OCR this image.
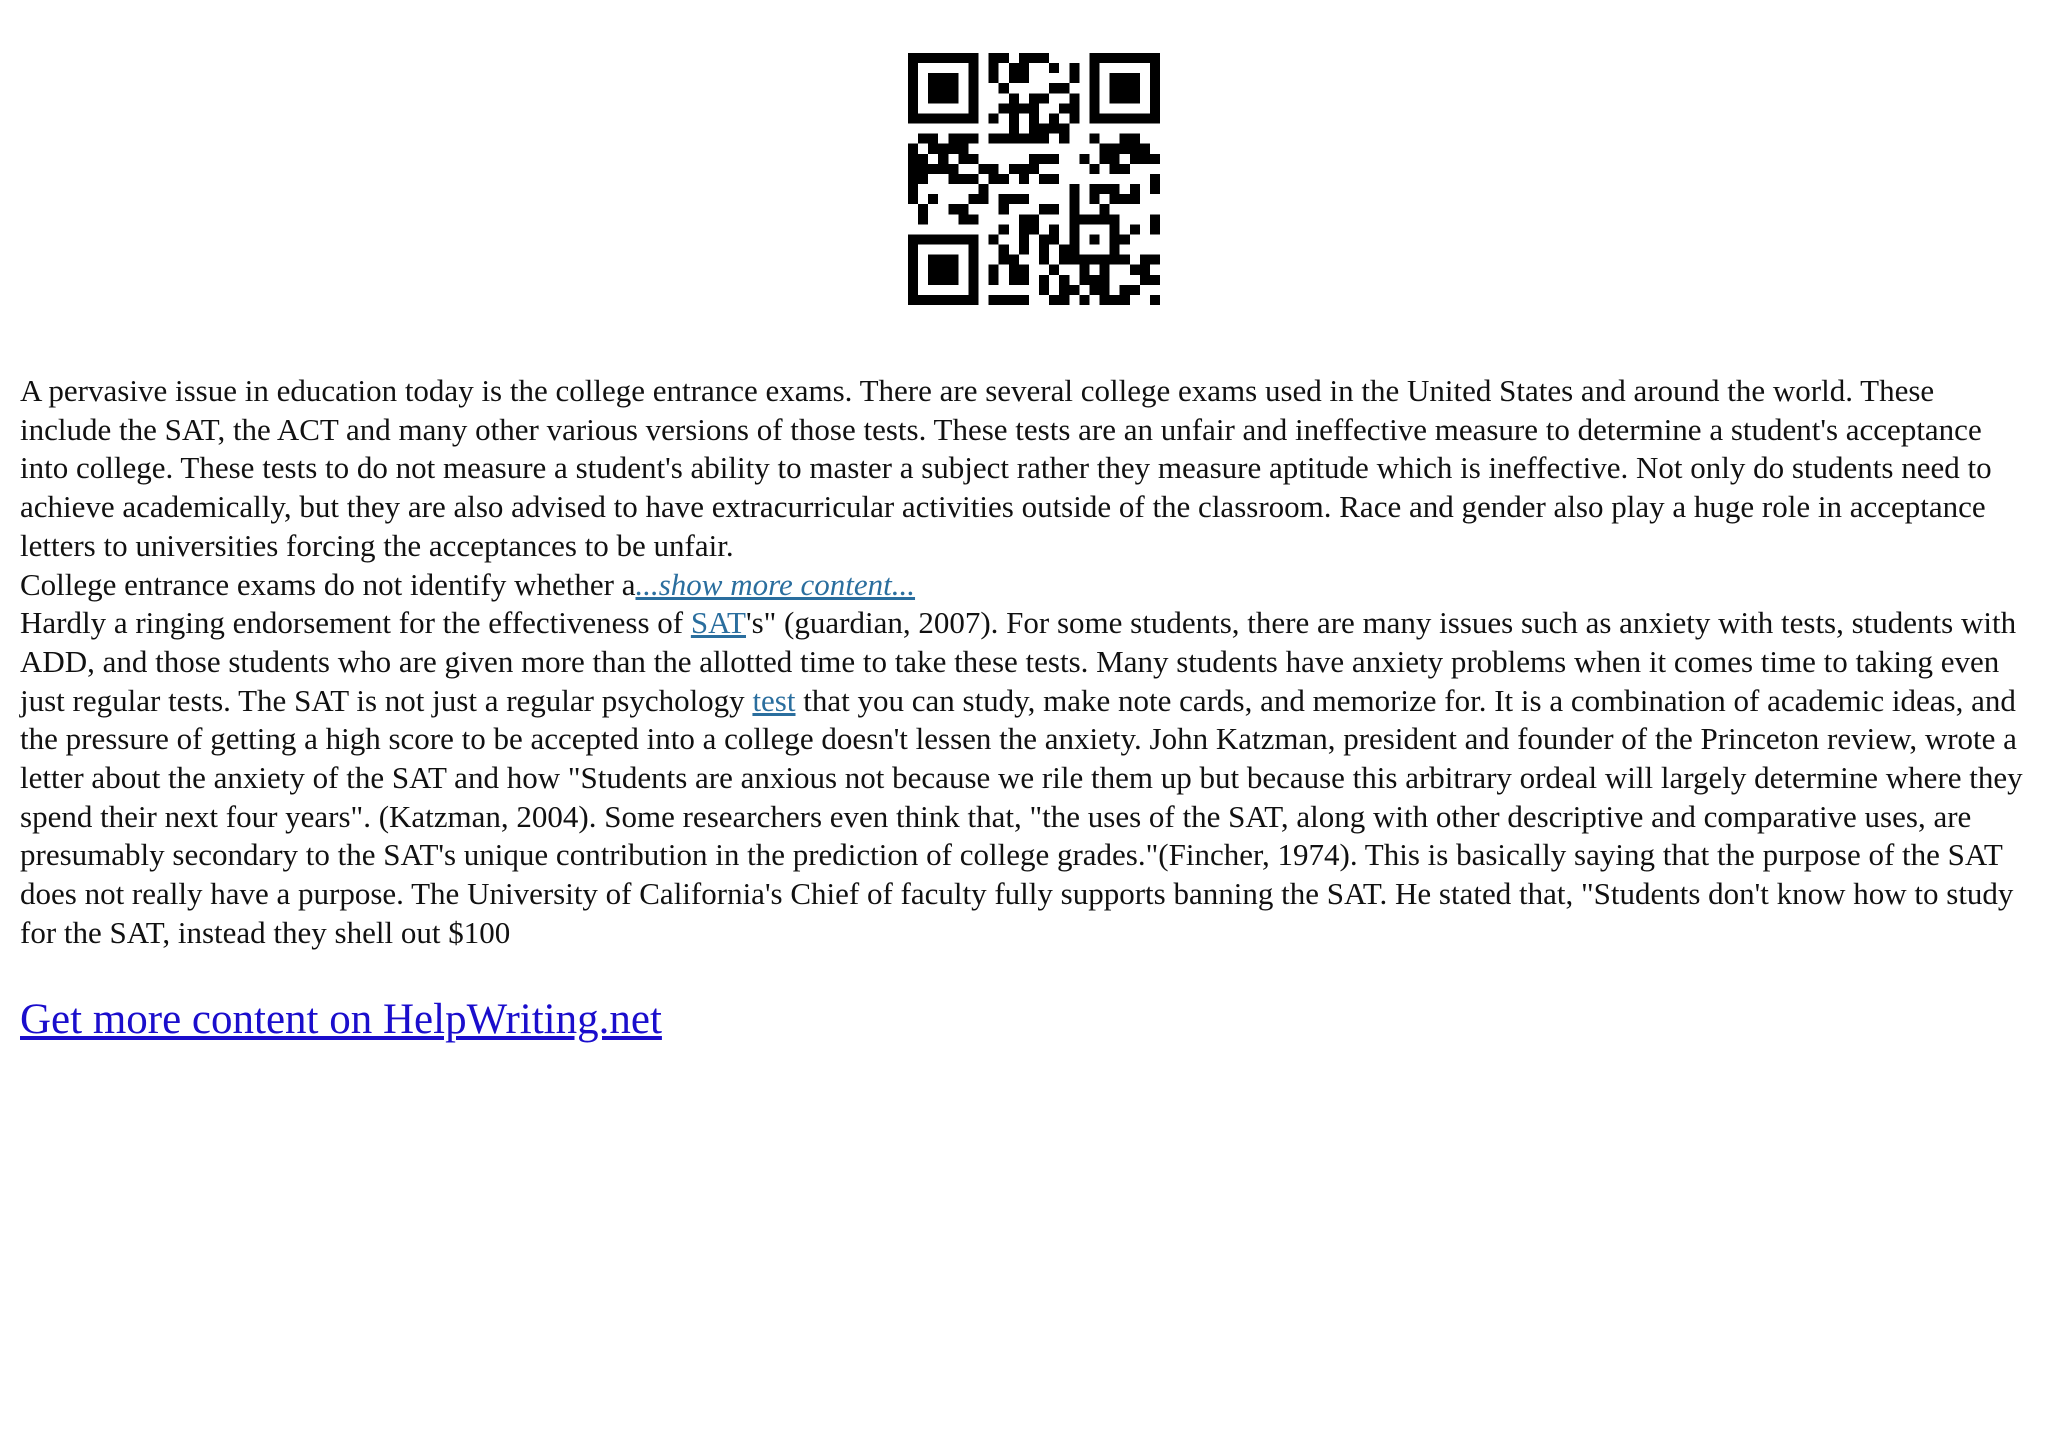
A pervasive issue in education today is the college entrance exams. There are several college exams used in the United States and around the world. These include the SAT, the ACT and many other various versions of those tests. These tests are an unfair and ineffective measure to determine a student's acceptance into college. These tests to do not measure a student's ability to master a subject rather they measure aptitude which is ineffective. Not only do students need to achieve academically, but they are also advised to have extracurricular activities outside of the classroom. Race and gender also play a huge role in acceptance letters to universities forcing the acceptances to be unfair.

College entrance exams do not identify whether a...show more content...

Hardly a ringing endorsement for the effectiveness of SAT's" (guardian, 2007). For some students, there are many issues such as anxiety with tests, students with ADD, and those students who are given more than the allotted time to take these tests. Many students have anxiety problems when it comes time to taking even just regular tests. The SAT is not just a regular psychology test that you can study, make note cards, and memorize for. It is a combination of academic ideas, and the pressure of getting a high score to be accepted into a college doesn't lessen the anxiety. John Katzman, president and founder of the Princeton review, wrote a letter about the anxiety of the SAT and how "Students are anxious not because we rile them up but because this arbitrary ordeal will largely determine where they spend their next four years". (Katzman, 2004). Some researchers even think that, "the uses of the SAT, along with other descriptive and comparative uses, are presumably secondary to the SAT's unique contribution in the prediction of college grades."(Fincher, 1974). This is basically saying that the purpose of the SAT does not really have a purpose. The University of California's Chief of faculty fully supports banning the SAT. He stated that, "Students don't know how to study for the SAT, instead they shell out $100

Get more content on HelpWriting.net
